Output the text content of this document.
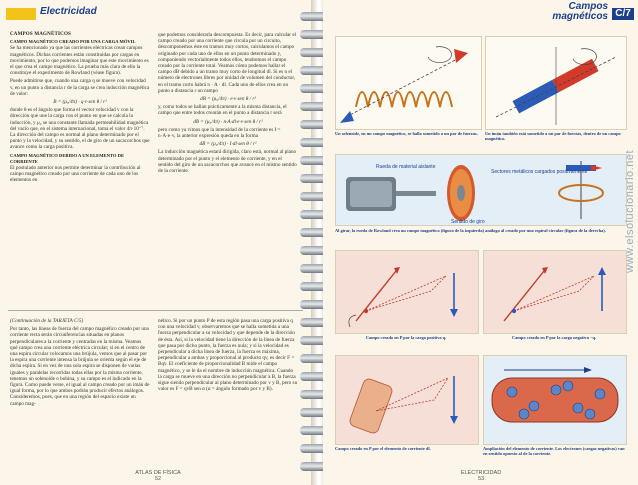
Electricidad
CAMPOS MAGNÉTICOS
CAMPO MAGNÉTICO CREADO POR UNA CARGA MÓVIL

Se ha mencionado ya que las corrientes eléctricas crean campos magnéticos. Dichas corrientes están constituidas por cargas en movimiento, por lo que podemos imaginar que este movimiento es el que crea el campo magnético. La prueba más clara de ello la constituye el experimento de Rowland (véase figura).

Puede admitirse que, cuando una carga q se mueve con velocidad v, en un punto a distancia r de la carga se crea inducción magnética de valor:

B = (μ₀/4π) · q·v·sen θ / r²

donde θ es el ángulo que forma el vector velocidad v con la dirección que une la carga con el punto en que se calcula la inducción, y μ₀ se una constante llamada permeabilidad magnética del vacío que, en el sistema internacional, toma el valor 4π·10⁻⁷. La dirección del campo es normal al plano determinado por el punto y la velocidad, y su sentido, el de giro de un sacacorchos que avance como la carga positiva.

CAMPO MAGNÉTICO DEBIDO A UN ELEMENTO DE CORRIENTE

El postulado anterior nos permite determinar la contribución al campo magnético creado por una corriente de cada uno de los elementos en

que podemos considerarla descompuesta. Es decir, para calcular el campo creado por una corriente que circula por un circuito, descomponemos éste en tramos muy cortos, calculamos el campo originado por cada uno de ellos en un punto determinado y, componiendo vectorialmente todos ellos, tendremos el campo creado por la corriente total. Veamos cómo podemos hallar el campo dB debido a un tramo muy corto de longitud dl. Si es n el número de electrones libres por unidad de volumen del conductor, en el tramo corto habrá n · A · dl. Cada uno de ellos crea en un punto a distancia r un campo

dB = (μ₀/4π) · e·v·sen θ / r²

y, como todos se hallan prácticamente a la misma distancia, el campo que entre todos crearán en el punto a distancia r será

dB = (μ₀/4π) · n·A·dl·e·v·sen θ / r²

pero como ya vimos que la intensidad de la corriente es I = n·A·e·v, la anterior expresión queda en la forma

dB = (μ₀/4π) · I·dl·sen θ / r²

La inducción magnética estará dirigida, claro está, normal al plano determinado por el punto y el elemento de corriente, y en el sentido del giro de un sacacorchos que avance en el mismo sentido de la corriente.

(Continuación de la TARJETA C/5)

Por tanto, las líneas de fuerza del campo magnético creado por una corriente recta serán circunferencias situadas en planos perpendiculares a la corriente y centradas en la misma. Veamos qué campo crea una corriente eléctrica circular; si en el centro de una espira circular colocamos una brújula, vemos que al pasar por la espira una corriente intensa la brújula se orienta según el eje de dicha espira. Si en vez de una sola espira se disponen de varias iguales y paralelas recorridas todas ellas por la misma corriente, tenemos un solenoide o bobina, y su campo es el indicado en la figura. Como puede verse, el igual al campo creado por un imán de igual forma, por lo que ambos podrán producir efectos análogos. Consideremos, pues, que en una región del espacio existe un campo mag-

nético. Si por un punto P de esta región pasa una carga positiva q con una velocidad v, observaremos que se halla sometida a una fuerza perpendicular a su velocidad y que depende de la dirección de ésta. Así, si la velocidad tiene la dirección de la línea de fuerza que pasa por dicho punto, la fuerza es nula; y si la velocidad es perpendicular a dicha línea de fuerza, la fuerza es máxima, perpendicular a ambas y proporcional al producto qv, es decir F = Bqv. El coeficiente de proporcionalidad B mide el campo magnético, y se le da el nombre de inducción magnética. Cuando la carga se mueve en una dirección no perpendicular a B, la fuerza sigue siendo perpendicular al plano determinado por v y B, pero su valor es F = qvB sen α (α = ángulo formado por v y B).

ATLAS DE FÍSICA
52
Campos magnéticos C/7
Un solenoide, en un campo magnético, se halla sometido a un par de fuerzas.	Un imán también está sometido a un par de fuerzas, dentro de un campo magnético.
Rueda de material aislante
Sectores metálicos cargados positivamente
Sentido de giro
Al girar, la rueda de Rowland crea un campo magnético (figura de la izquierda) análogo al creado por una espiral circular (figura de la derecha).
Campo creado en P por la carga positiva q.	Campo creado en P por la carga negativa −q.
Campo creado en P por el elemento de corriente dl.	Ampliación del elemento de corriente. Los electrones (cargas negativas) van en sentido opuesto al de la corriente.
ELECTRICIDAD
53
www.elsolucionario.net
